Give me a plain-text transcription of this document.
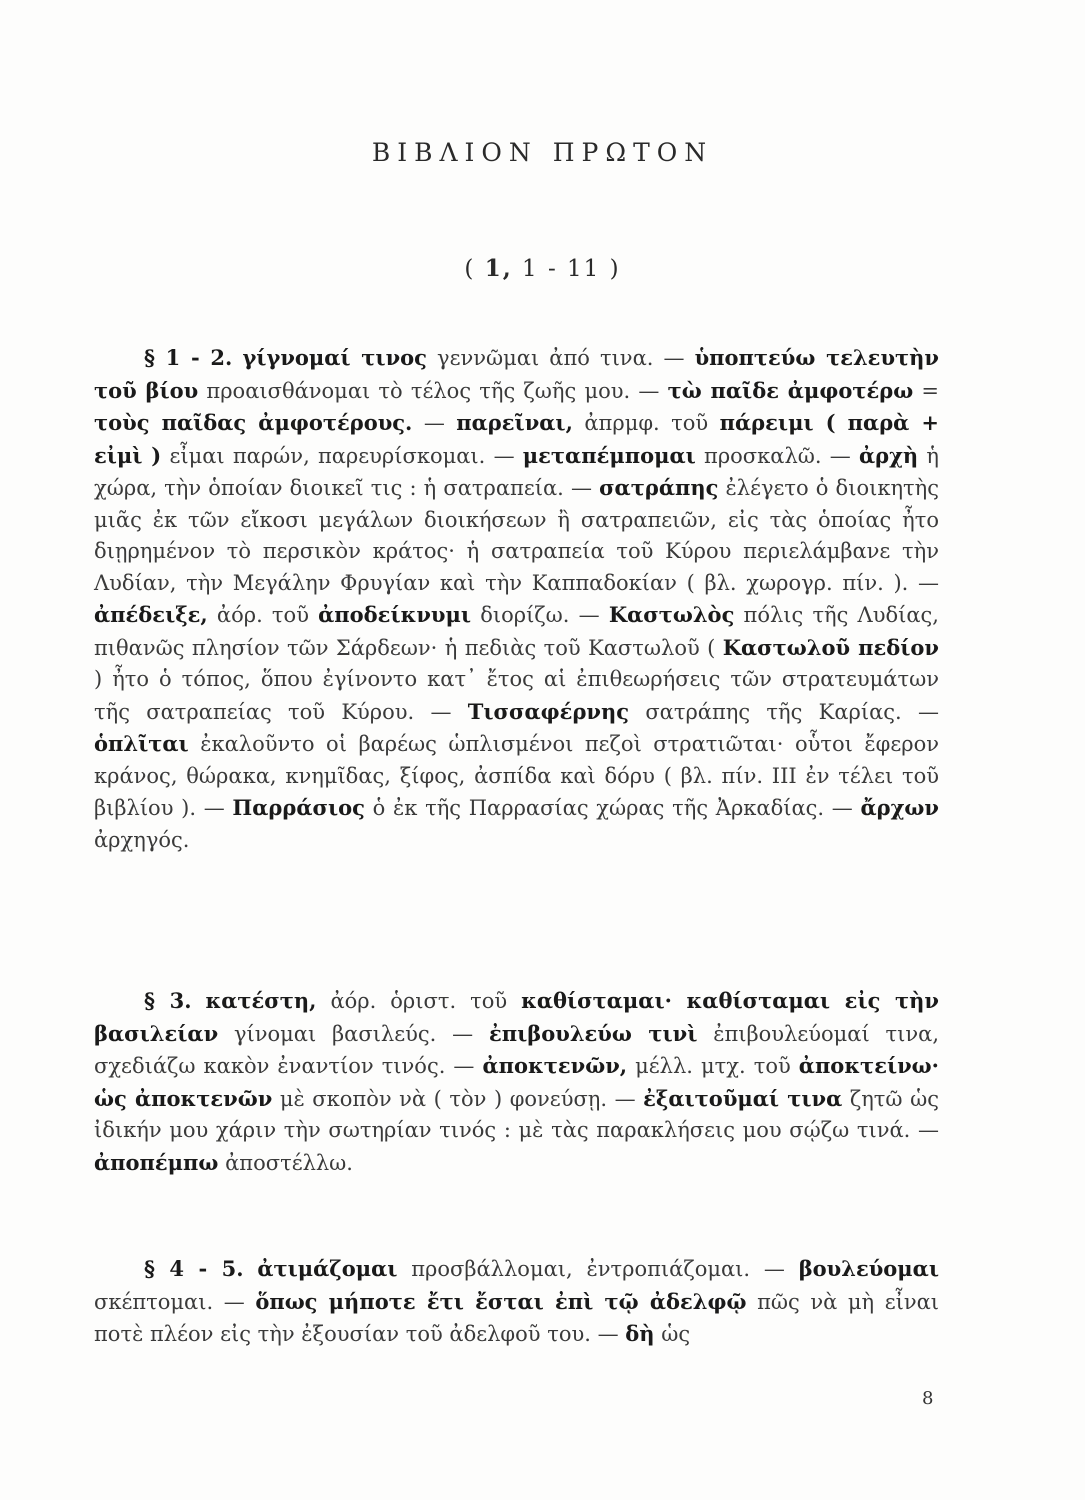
ΒΙΒΛΙΟΝ ΠΡΩΤΟΝ
( 1, 1 - 11 )

§ 1 - 2. γίγνομαί τινος γεννῶμαι ἀπό τινα. — ὑποπτεύω τελευτὴν τοῦ βίου προαισθάνομαι τὸ τέλος τῆς ζωῆς μου. — τὼ παῖδε ἀμφοτέρω = τοὺς παῖδας ἀμφοτέρους. — παρεῖναι, ἀπρμφ. τοῦ πάρειμι ( παρὰ + εἰμὶ ) εἶμαι παρών, παρευρίσκομαι. — μεταπέμπομαι προσκαλῶ. — ἀρχὴ ἡ χώρα, τὴν ὁποίαν διοικεῖ τις : ἡ σατραπεία. — σατράπης ἐλέγετο ὁ διοικητὴς μιᾶς ἐκ τῶν εἴκοσι μεγάλων διοικήσεων ἢ σατραπειῶν, εἰς τὰς ὁποίας ἦτο διῃρημένον τὸ περσικὸν κράτος· ἡ σατραπεία τοῦ Κύρου περιελάμβανε τὴν Λυδίαν, τὴν Μεγάλην Φρυγίαν καὶ τὴν Καππαδοκίαν ( βλ. χωρογρ. πίν. ). — ἀπέδειξε, ἀόρ. τοῦ ἀποδείκνυμι διορίζω. — Καστωλὸς πόλις τῆς Λυδίας, πιθανῶς πλησίον τῶν Σάρδεων· ἡ πεδιὰς τοῦ Καστωλοῦ ( Καστωλοῦ πεδίον ) ἦτο ὁ τόπος, ὅπου ἐγίνοντο κατ᾽ ἔτος αἱ ἐπιθεωρήσεις τῶν στρατευμάτων τῆς σατραπείας τοῦ Κύρου. — Τισσαφέρνης σατράπης τῆς Καρίας. — ὁπλῖται ἐκαλοῦντο οἱ βαρέως ὡπλισμένοι πεζοὶ στρατιῶται· οὗτοι ἔφερον κράνος, θώρακα, κνημῖδας, ξίφος, ἀσπίδα καὶ δόρυ ( βλ. πίν. III ἐν τέλει τοῦ βιβλίου ). — Παρράσιος ὁ ἐκ τῆς Παρρασίας χώρας τῆς Ἀρκαδίας. — ἄρχων ἀρχηγός.

§ 3. κατέστη, ἀόρ. ὁριστ. τοῦ καθίσταμαι· καθίσταμαι εἰς τὴν βασιλείαν γίνομαι βασιλεύς. — ἐπιβουλεύω τινὶ ἐπιβουλεύομαί τινα, σχεδιάζω κακὸν ἐναντίον τινός. — ἀποκτενῶν, μέλλ. μτχ. τοῦ ἀποκτείνω· ὡς ἀποκτενῶν μὲ σκοπὸν νὰ ( τὸν ) φονεύσῃ. — ἐξαιτοῦμαί τινα ζητῶ ὡς ἰδικήν μου χάριν τὴν σωτηρίαν τινός : μὲ τὰς παρακλήσεις μου σῴζω τινά. — ἀποπέμπω ἀποστέλλω.

§ 4 - 5. ἀτιμάζομαι προσβάλλομαι, ἐντροπιάζομαι. — βουλεύομαι σκέπτομαι. — ὅπως μήποτε ἔτι ἔσται ἐπὶ τῷ ἀδελφῷ πῶς νὰ μὴ εἶναι ποτὲ πλέον εἰς τὴν ἐξουσίαν τοῦ ἀδελφοῦ του. — δὴ ὡς

8
